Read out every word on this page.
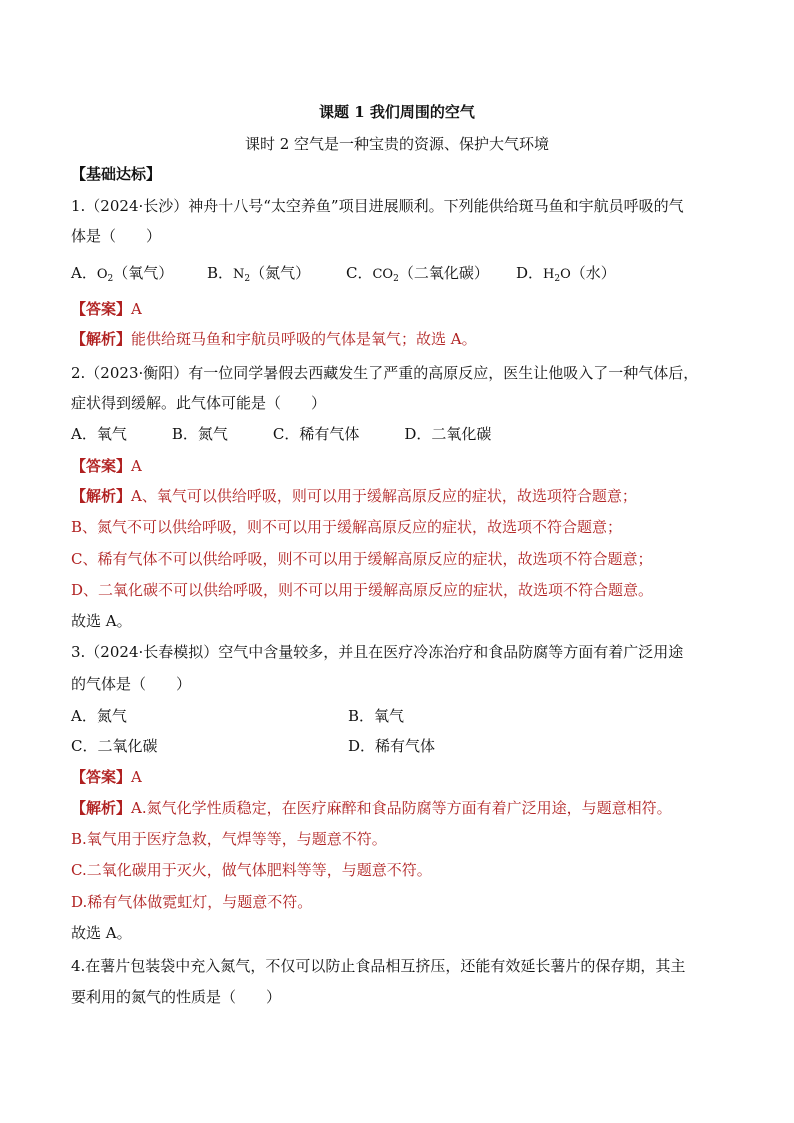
课题 1 我们周围的空气
课时 2 空气是一种宝贵的资源、保护大气环境
【基础达标】
1.（2024·长沙）神舟十八号“太空养鱼”项目进展顺利。下列能供给斑马鱼和宇航员呼吸的气
体是（　　）
A．$O_2$（氧气） B．$N_2$（氮气） C．$CO_2$（二氧化碳） D．$H_2O$（水）
【答案】A
【解析】能供给斑马鱼和宇航员呼吸的气体是氧气；故选 A。
2.（2023·衡阳）有一位同学暑假去西藏发生了严重的高原反应，医生让他吸入了一种气体后，
症状得到缓解。此气体可能是（　　）
A．氧气　　　B．氮气　　　C．稀有气体　　　D．二氧化碳
【答案】A
【解析】A、氧气可以供给呼吸，则可以用于缓解高原反应的症状，故选项符合题意；
B、氮气不可以供给呼吸，则不可以用于缓解高原反应的症状，故选项不符合题意；
C、稀有气体不可以供给呼吸，则不可以用于缓解高原反应的症状，故选项不符合题意；
D、二氧化碳不可以供给呼吸，则不可以用于缓解高原反应的症状，故选项不符合题意。
故选 A。
3.（2024·长春模拟）空气中含量较多，并且在医疗冷冻治疗和食品防腐等方面有着广泛用途
的气体是（　　）
A．氮气	B．氧气
C．二氧化碳	D．稀有气体
【答案】A
【解析】A.氮气化学性质稳定，在医疗麻醉和食品防腐等方面有着广泛用途，与题意相符。
B.氧气用于医疗急救，气焊等等，与题意不符。
C.二氧化碳用于灭火，做气体肥料等等，与题意不符。
D.稀有气体做霓虹灯，与题意不符。
故选 A。
4.在薯片包装袋中充入氮气，不仅可以防止食品相互挤压，还能有效延长薯片的保存期，其主
要利用的氮气的性质是（　　）
